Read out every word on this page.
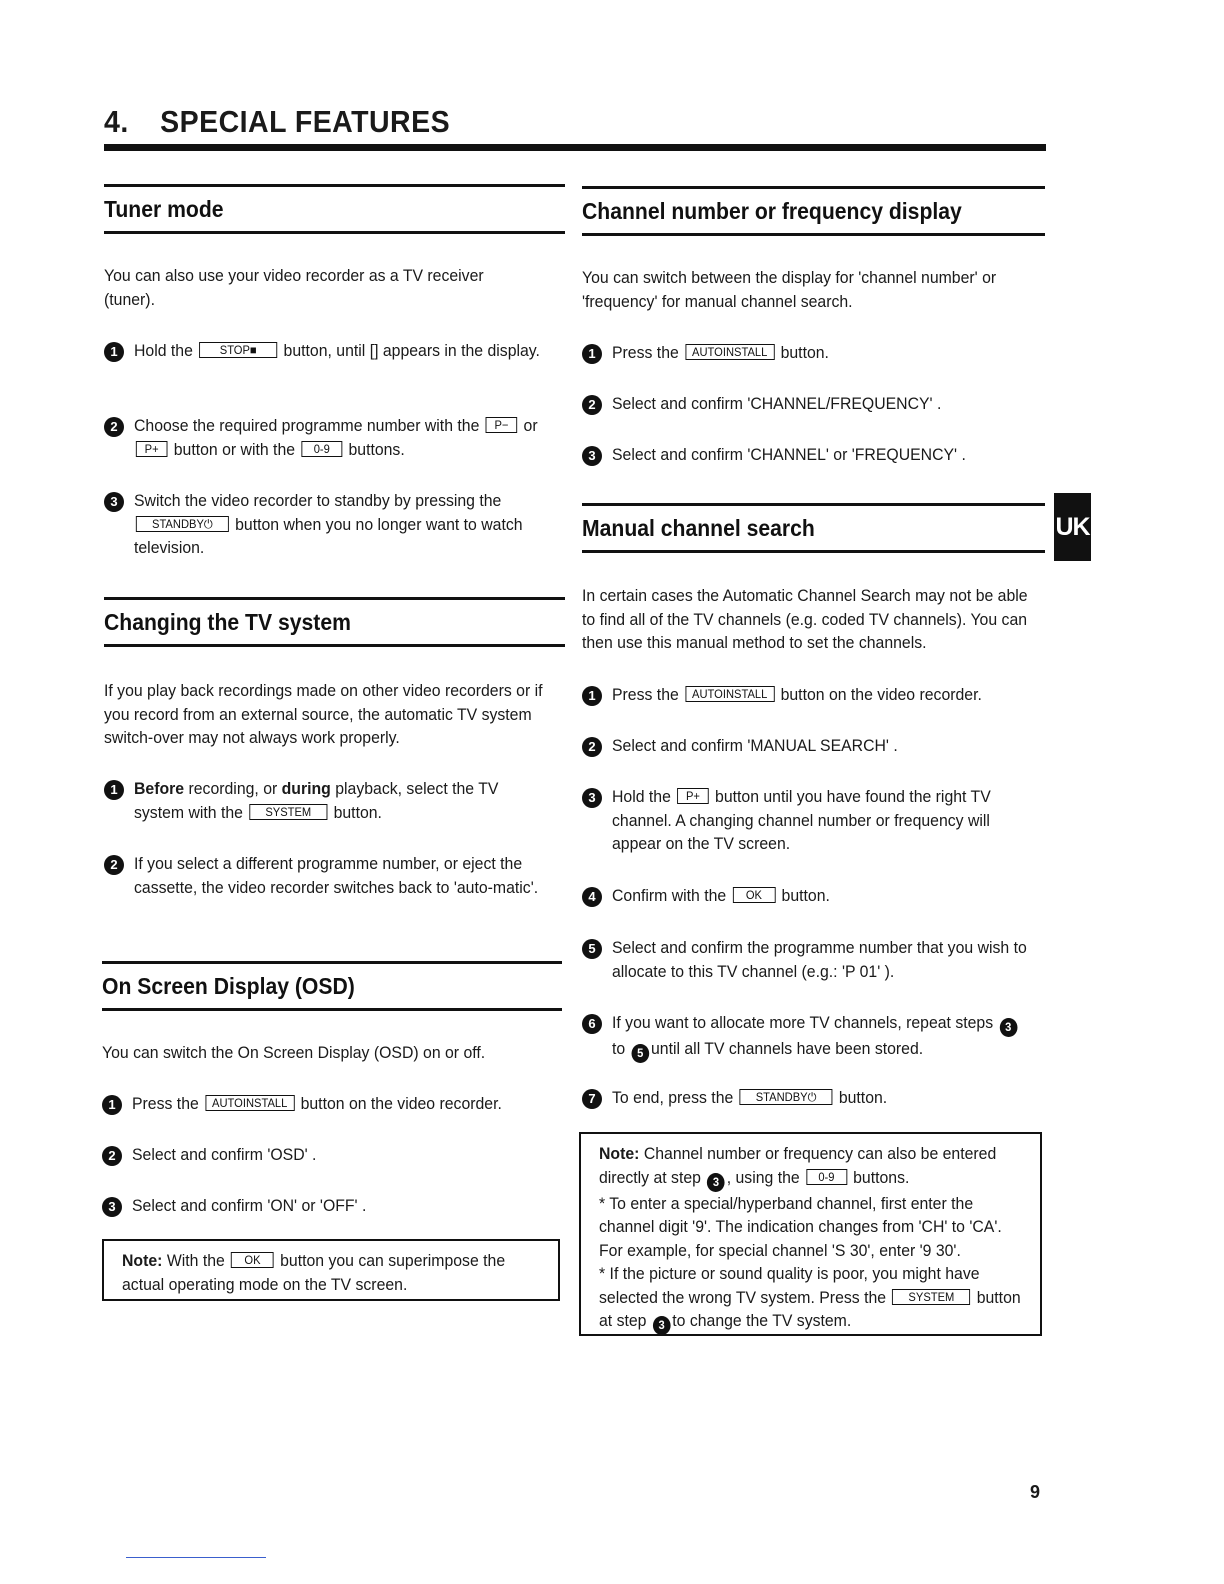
4. SPECIAL FEATURES
Tuner mode
You can also use your video recorder as a TV receiver (tuner).
1 Hold the STOP■ button, until [] appears in the display.
2 Choose the required programme number with the P− or P+ button or with the 0-9 buttons.
3 Switch the video recorder to standby by pressing the STANDBY⏻ button when you no longer want to watch television.
Changing the TV system
If you play back recordings made on other video recorders or if you record from an external source, the automatic TV system switch-over may not always work properly.
1 Before recording, or during playback, select the TV system with the SYSTEM button.
2 If you select a different programme number, or eject the cassette, the video recorder switches back to 'auto-matic'.
On Screen Display (OSD)
You can switch the On Screen Display (OSD) on or off.
1 Press the AUTOINSTALL button on the video recorder.
2 Select and confirm 'OSD' .
3 Select and confirm 'ON' or 'OFF' .
Note: With the OK button you can superimpose the actual operating mode on the TV screen.
Channel number or frequency display
You can switch between the display for 'channel number' or 'frequency' for manual channel search.
1 Press the AUTOINSTALL button.
2 Select and confirm 'CHANNEL/FREQUENCY' .
3 Select and confirm 'CHANNEL' or 'FREQUENCY' .
UK
Manual channel search
In certain cases the Automatic Channel Search may not be able to find all of the TV channels (e.g. coded TV channels). You can then use this manual method to set the channels.
1 Press the AUTOINSTALL button on the video recorder.
2 Select and confirm 'MANUAL SEARCH' .
3 Hold the P+ button until you have found the right TV channel. A changing channel number or frequency will appear on the TV screen.
4 Confirm with the OK button.
5 Select and confirm the programme number that you wish to allocate to this TV channel (e.g.: 'P 01' ).
6 If you want to allocate more TV channels, repeat steps 3to 5 until all TV channels have been stored.
7 To end, press the STANDBY⏻ button.
Note: Channel number or frequency can also be entered directly at step 3 , using the 0-9 buttons.
* To enter a special/hyperband channel, first enter the channel digit '9'. The indication changes from 'CH' to 'CA'. For example, for special channel 'S 30', enter '9 30'.
* If the picture or sound quality is poor, you might have selected the wrong TV system. Press the SYSTEM button at step 3 to change the TV system.
9
